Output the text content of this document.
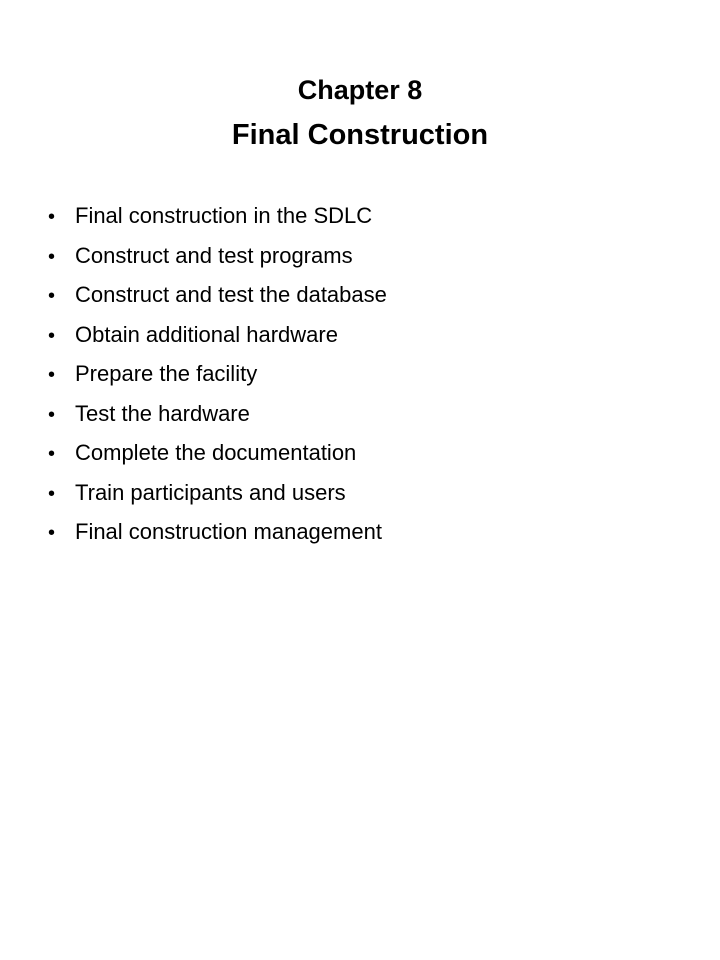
Chapter 8
Final Construction
• Final construction in the SDLC
• Construct and test programs
• Construct and test the database
• Obtain additional hardware
• Prepare the facility
• Test the hardware
• Complete the documentation
• Train participants and users
• Final construction management
